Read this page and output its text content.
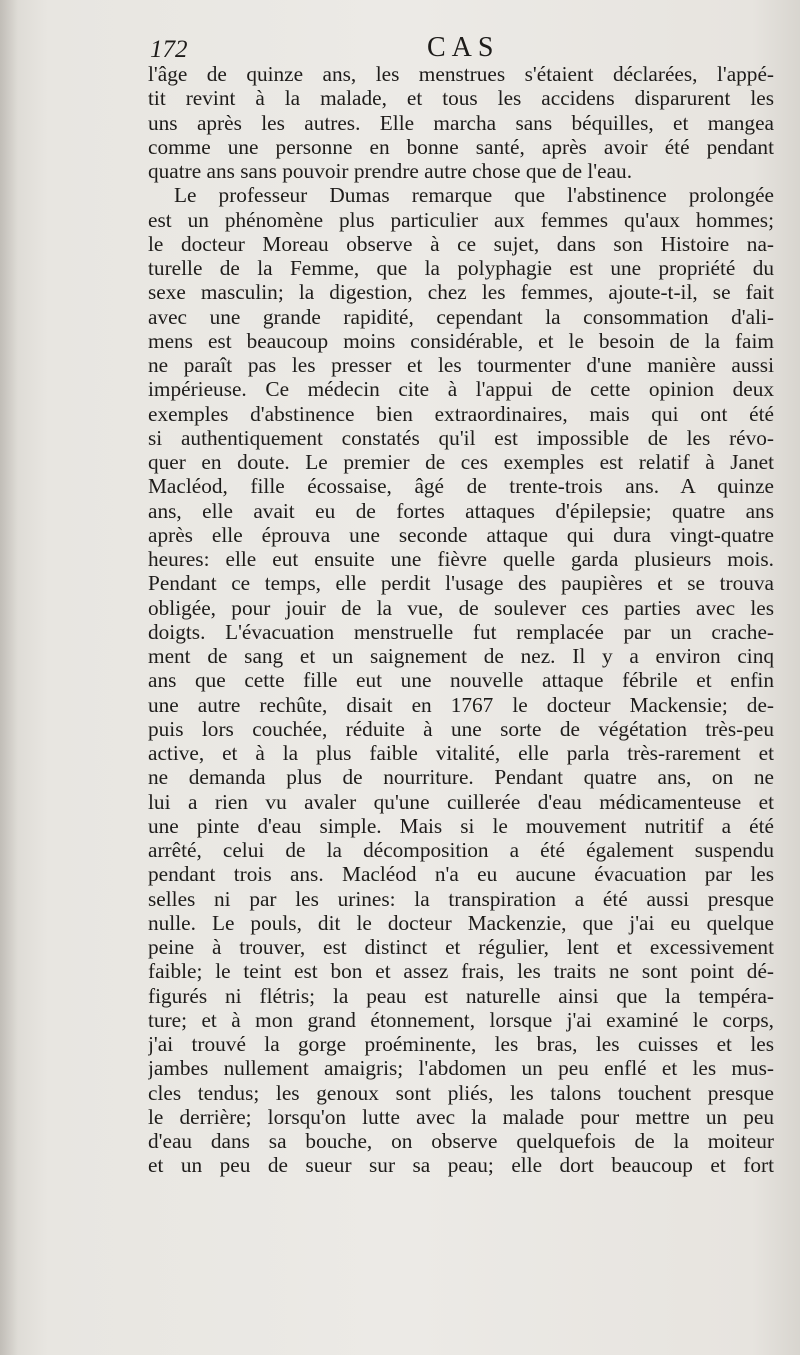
172	CAS
l'âge de quinze ans, les menstrues s'étaient déclarées, l'appé-
tit revint à la malade, et tous les accidens disparurent les
uns après les autres. Elle marcha sans béquilles, et mangea
comme une personne en bonne santé, après avoir été pendant
quatre ans sans pouvoir prendre autre chose que de l'eau.
Le professeur Dumas remarque que l'abstinence prolongée
est un phénomène plus particulier aux femmes qu'aux hommes;
le docteur Moreau observe à ce sujet, dans son Histoire na-
turelle de la Femme, que la polyphagie est une propriété du
sexe masculin; la digestion, chez les femmes, ajoute-t-il, se fait
avec une grande rapidité, cependant la consommation d'ali-
mens est beaucoup moins considérable, et le besoin de la faim
ne paraît pas les presser et les tourmenter d'une manière aussi
impérieuse. Ce médecin cite à l'appui de cette opinion deux
exemples d'abstinence bien extraordinaires, mais qui ont été
si authentiquement constatés qu'il est impossible de les révo-
quer en doute. Le premier de ces exemples est relatif à Janet
Macléod, fille écossaise, âgé de trente-trois ans. A quinze
ans, elle avait eu de fortes attaques d'épilepsie; quatre ans
après elle éprouva une seconde attaque qui dura vingt-quatre
heures: elle eut ensuite une fièvre quelle garda plusieurs mois.
Pendant ce temps, elle perdit l'usage des paupières et se trouva
obligée, pour jouir de la vue, de soulever ces parties avec les
doigts. L'évacuation menstruelle fut remplacée par un crache-
ment de sang et un saignement de nez. Il y a environ cinq
ans que cette fille eut une nouvelle attaque fébrile et enfin
une autre rechûte, disait en 1767 le docteur Mackensie; de-
puis lors couchée, réduite à une sorte de végétation très-peu
active, et à la plus faible vitalité, elle parla très-rarement et
ne demanda plus de nourriture. Pendant quatre ans, on ne
lui a rien vu avaler qu'une cuillerée d'eau médicamenteuse et
une pinte d'eau simple. Mais si le mouvement nutritif a été
arrêté, celui de la décomposition a été également suspendu
pendant trois ans. Macléod n'a eu aucune évacuation par les
selles ni par les urines: la transpiration a été aussi presque
nulle. Le pouls, dit le docteur Mackenzie, que j'ai eu quelque
peine à trouver, est distinct et régulier, lent et excessivement
faible; le teint est bon et assez frais, les traits ne sont point dé-
figurés ni flétris; la peau est naturelle ainsi que la tempéra-
ture; et à mon grand étonnement, lorsque j'ai examiné le corps,
j'ai trouvé la gorge proéminente, les bras, les cuisses et les
jambes nullement amaigris; l'abdomen un peu enflé et les mus-
cles tendus; les genoux sont pliés, les talons touchent presque
le derrière; lorsqu'on lutte avec la malade pour mettre un peu
d'eau dans sa bouche, on observe quelquefois de la moiteur
et un peu de sueur sur sa peau; elle dort beaucoup et fort
